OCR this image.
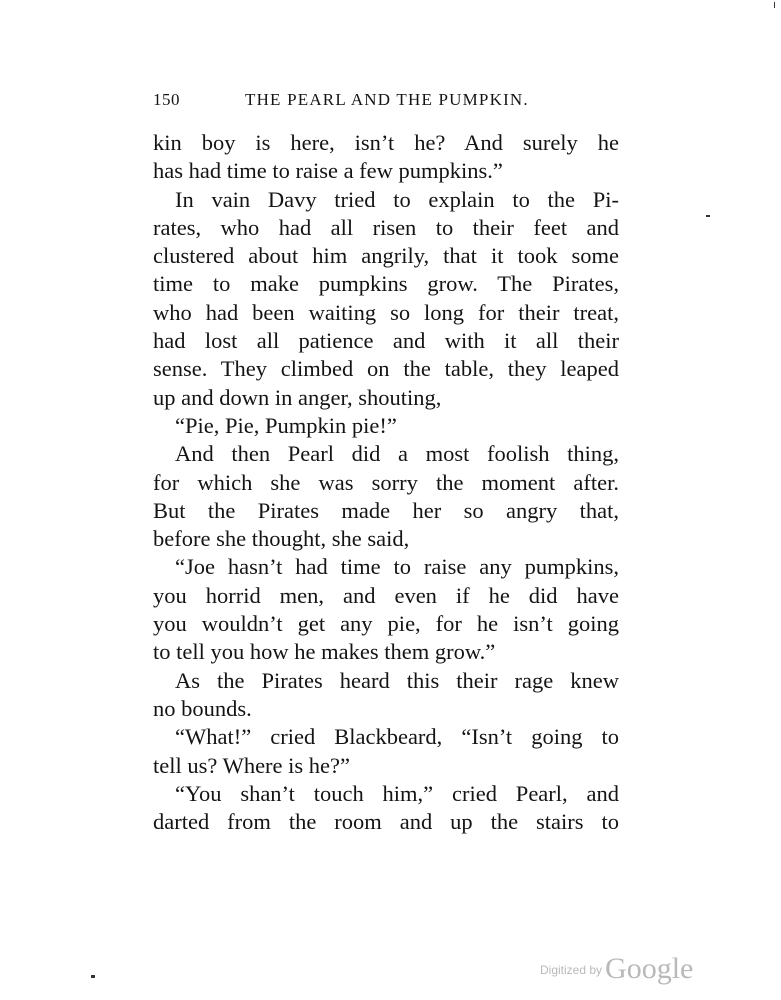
150	THE PEARL AND THE PUMPKIN.
kin boy is here, isn’t he? And surely he
has had time to raise a few pumpkins.”
In vain Davy tried to explain to the Pi-
rates, who had all risen to their feet and
clustered about him angrily, that it took some
time to make pumpkins grow. The Pirates,
who had been waiting so long for their treat,
had lost all patience and with it all their
sense. They climbed on the table, they leaped
up and down in anger, shouting,
“Pie, Pie, Pumpkin pie!”
And then Pearl did a most foolish thing,
for which she was sorry the moment after.
But the Pirates made her so angry that,
before she thought, she said,
“Joe hasn’t had time to raise any pumpkins,
you horrid men, and even if he did have
you wouldn’t get any pie, for he isn’t going
to tell you how he makes them grow.”
As the Pirates heard this their rage knew
no bounds.
“What!” cried Blackbeard, “Isn’t going to
tell us? Where is he?”
“You shan’t touch him,” cried Pearl, and
darted from the room and up the stairs to
$^{Digitized by}$ Google
